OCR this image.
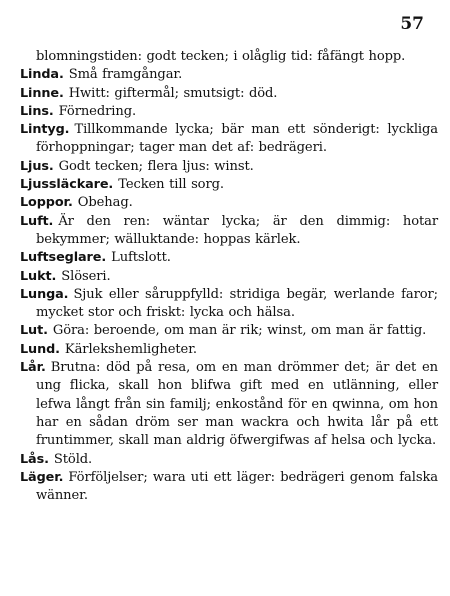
57

blomningstiden: godt tecken; i olåglig tid: fåfängt hopp.

Linda. Små framgångar.

Linne. Hwitt: giftermål; smutsigt: död.

Lins. Förnedring.

Lintyg. Tillkommande lycka; bär man ett sönderigt: lyckliga förhoppningar; tager man det af: bedrägeri.

Ljus. Godt tecken; flera ljus: winst.

Ljussläckare. Tecken till sorg.

Loppor. Obehag.

Luft. Är den ren: wäntar lycka; är den dimmig: hotar bekymmer; wälluktande: hoppas kärlek.

Luftseglare. Luftslott.

Lukt. Slöseri.

Lunga. Sjuk eller såruppfylld: stridiga begär, werlande faror; mycket stor och friskt: lycka och hälsa.

Lut. Göra: beroende, om man är rik; winst, om man är fattig.

Lund. Kärlekshemligheter.

Lår. Brutna: död på resa, om en man drömmer det; är det en ung flicka, skall hon blifwa gift med en utlänning, eller lefwa långt från sin familj; enkostånd för en qwinna, om hon har en sådan dröm ser man wackra och hwita lår på ett fruntimmer, skall man aldrig öfwergifwas af helsa och lycka.

Lås. Stöld.

Läger. Förföljelser; wara uti ett läger: bedrägeri genom falska wänner.
